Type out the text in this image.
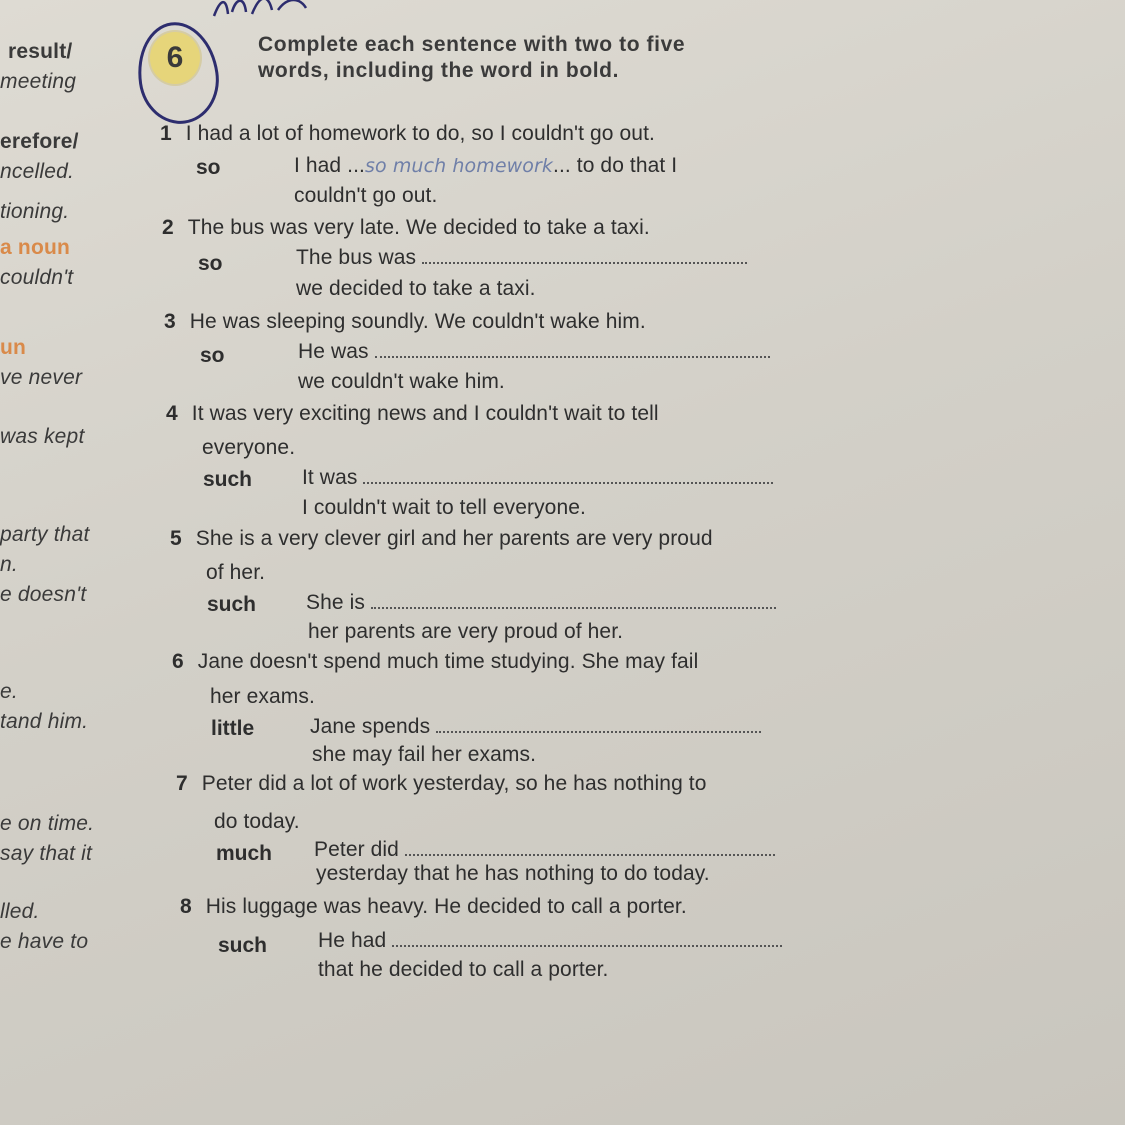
result/
meeting
erefore/
ncelled.
tioning.
a noun
couldn't
un
ve never
was kept
party that
n.
e doesn't
e.
tand him.
e on time.
say that it
lled.
e have to
6	Complete each sentence with two to five
words, including the word in bold.
1 I had a lot of homework to do, so I couldn't go out.
so	I had ...so much homework... to do that I
couldn't go out.
2 The bus was very late. We decided to take a taxi.
so	The bus was
we decided to take a taxi.
3 He was sleeping soundly. We couldn't wake him.
so	He was
we couldn't wake him.
4 It was very exciting news and I couldn't wait to tell
everyone.
such It was
I couldn't wait to tell everyone.
5 She is a very clever girl and her parents are very proud
of her.
such She is
her parents are very proud of her.
6 Jane doesn't spend much time studying. She may fail
her exams.
little	Jane spends
she may fail her exams.
7 Peter did a lot of work yesterday, so he has nothing to
do today.
much Peter did
yesterday that he has nothing to do today.
8 His luggage was heavy. He decided to call a porter.
such He had
that he decided to call a porter.
